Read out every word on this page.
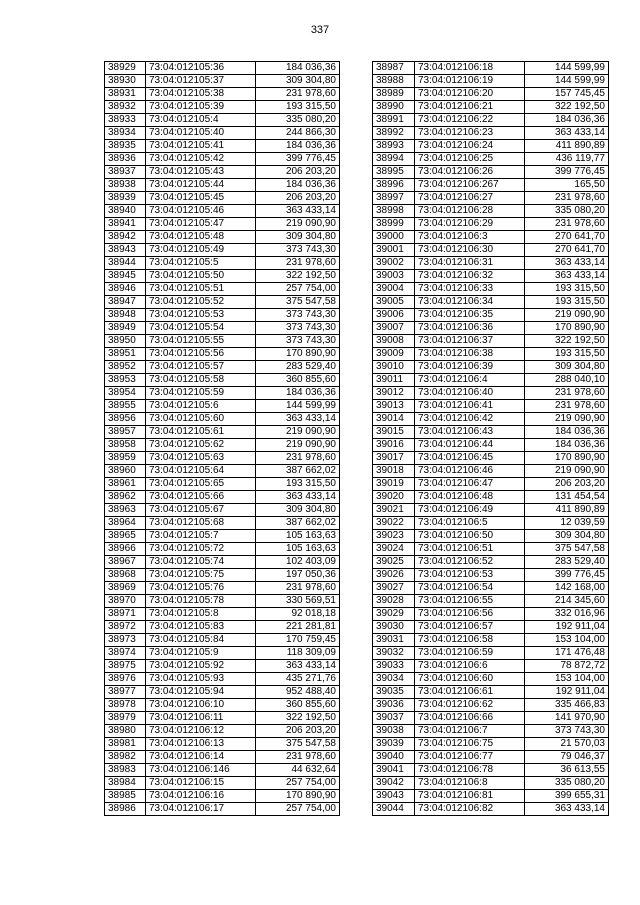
337
38929	73:04:012105:36	184 036,36
38930	73:04:012105:37	309 304,80
38931	73:04:012105:38	231 978,60
38932	73:04:012105:39	193 315,50
38933	73:04:012105:4	335 080,20
38934	73:04:012105:40	244 866,30
38935	73:04:012105:41	184 036,36
38936	73:04:012105:42	399 776,45
38937	73:04:012105:43	206 203,20
38938	73:04:012105:44	184 036,36
38939	73:04:012105:45	206 203,20
38940	73:04:012105:46	363 433,14
38941	73:04:012105:47	219 090,90
38942	73:04:012105:48	309 304,80
38943	73:04:012105:49	373 743,30
38944	73:04:012105:5	231 978,60
38945	73:04:012105:50	322 192,50
38946	73:04:012105:51	257 754,00
38947	73:04:012105:52	375 547,58
38948	73:04:012105:53	373 743,30
38949	73:04:012105:54	373 743,30
38950	73:04:012105:55	373 743,30
38951	73:04:012105:56	170 890,90
38952	73:04:012105:57	283 529,40
38953	73:04:012105:58	360 855,60
38954	73:04:012105:59	184 036,36
38955	73:04:012105:6	144 599,99
38956	73:04:012105:60	363 433,14
38957	73:04:012105:61	219 090,90
38958	73:04:012105:62	219 090,90
38959	73:04:012105:63	231 978,60
38960	73:04:012105:64	387 662,02
38961	73:04:012105:65	193 315,50
38962	73:04:012105:66	363 433,14
38963	73:04:012105:67	309 304,80
38964	73:04:012105:68	387 662,02
38965	73:04:012105:7	105 163,63
38966	73:04:012105:72	105 163,63
38967	73:04:012105:74	102 403,09
38968	73:04:012105:75	197 050,36
38969	73:04:012105:76	231 978,60
38970	73:04:012105:78	330 569,51
38971	73:04:012105:8	92 018,18
38972	73:04:012105:83	221 281,81
38973	73:04:012105:84	170 759,45
38974	73:04:012105:9	118 309,09
38975	73:04:012105:92	363 433,14
38976	73:04:012105:93	435 271,76
38977	73:04:012105:94	952 488,40
38978	73:04:012106:10	360 855,60
38979	73:04:012106:11	322 192,50
38980	73:04:012106:12	206 203,20
38981	73:04:012106:13	375 547,58
38982	73:04:012106:14	231 978,60
38983	73:04:012106:146	44 632,64
38984	73:04:012106:15	257 754,00
38985	73:04:012106:16	170 890,90
38986	73:04:012106:17	257 754,00
38987	73:04:012106:18	144 599,99
38988	73:04:012106:19	144 599,99
38989	73:04:012106:20	157 745,45
38990	73:04:012106:21	322 192,50
38991	73:04:012106:22	184 036,36
38992	73:04:012106:23	363 433,14
38993	73:04:012106:24	411 890,89
38994	73:04:012106:25	436 119,77
38995	73:04:012106:26	399 776,45
38996	73:04:012106:267	165,50
38997	73:04:012106:27	231 978,60
38998	73:04:012106:28	335 080,20
38999	73:04:012106:29	231 978,60
39000	73:04:012106:3	270 641,70
39001	73:04:012106:30	270 641,70
39002	73:04:012106:31	363 433,14
39003	73:04:012106:32	363 433,14
39004	73:04:012106:33	193 315,50
39005	73:04:012106:34	193 315,50
39006	73:04:012106:35	219 090,90
39007	73:04:012106:36	170 890,90
39008	73:04:012106:37	322 192,50
39009	73:04:012106:38	193 315,50
39010	73:04:012106:39	309 304,80
39011	73:04:012106:4	288 040,10
39012	73:04:012106:40	231 978,60
39013	73:04:012106:41	231 978,60
39014	73:04:012106:42	219 090,90
39015	73:04:012106:43	184 036,36
39016	73:04:012106:44	184 036,36
39017	73:04:012106:45	170 890,90
39018	73:04:012106:46	219 090,90
39019	73:04:012106:47	206 203,20
39020	73:04:012106:48	131 454,54
39021	73:04:012106:49	411 890,89
39022	73:04:012106:5	12 039,59
39023	73:04:012106:50	309 304,80
39024	73:04:012106:51	375 547,58
39025	73:04:012106:52	283 529,40
39026	73:04:012106:53	399 776,45
39027	73:04:012106:54	142 168,00
39028	73:04:012106:55	214 345,60
39029	73:04:012106:56	332 016,96
39030	73:04:012106:57	192 911,04
39031	73:04:012106:58	153 104,00
39032	73:04:012106:59	171 476,48
39033	73:04:012106:6	78 872,72
39034	73:04:012106:60	153 104,00
39035	73:04:012106:61	192 911,04
39036	73:04:012106:62	335 466,83
39037	73:04:012106:66	141 970,90
39038	73:04:012106:7	373 743,30
39039	73:04:012106:75	21 570,03
39040	73:04:012106:77	79 046,37
39041	73:04:012106:78	36 613,55
39042	73:04:012106:8	335 080,20
39043	73:04:012106:81	399 655,31
39044	73:04:012106:82	363 433,14
